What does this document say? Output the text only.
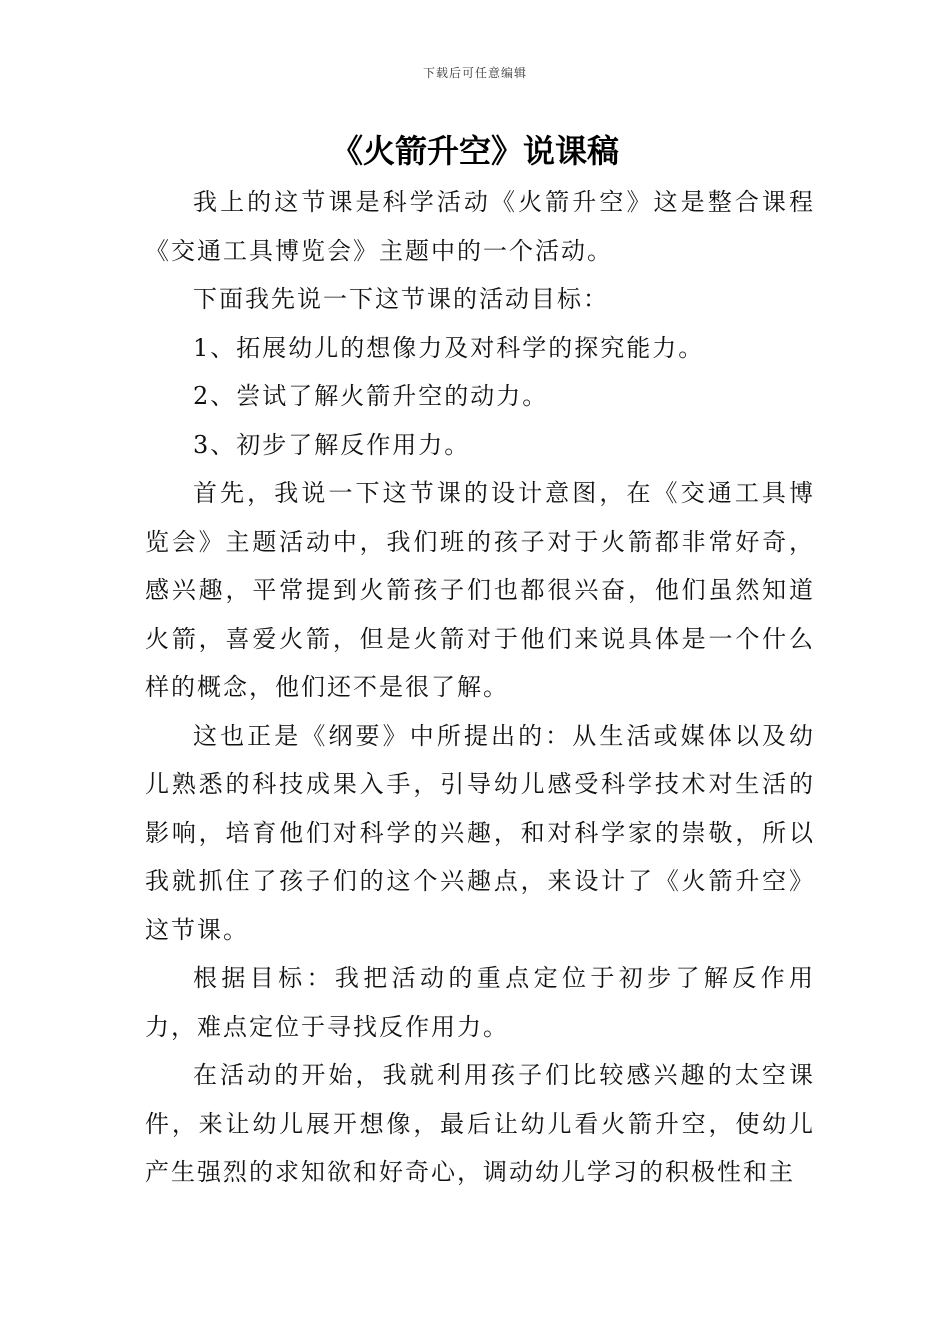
下载后可任意编辑
《火箭升空》说课稿

我上的这节课是科学活动《火箭升空》这是整合课程《交通工具博览会》主题中的一个活动。

下面我先说一下这节课的活动目标：

1、拓展幼儿的想像力及对科学的探究能力。

2、尝试了解火箭升空的动力。

3、初步了解反作用力。

首先，我说一下这节课的设计意图，在《交通工具博览会》主题活动中，我们班的孩子对于火箭都非常好奇，感兴趣，平常提到火箭孩子们也都很兴奋，他们虽然知道火箭，喜爱火箭，但是火箭对于他们来说具体是一个什么样的概念，他们还不是很了解。

这也正是《纲要》中所提出的：从生活或媒体以及幼儿熟悉的科技成果入手，引导幼儿感受科学技术对生活的影响，培育他们对科学的兴趣，和对科学家的崇敬，所以我就抓住了孩子们的这个兴趣点，来设计了《火箭升空》这节课。

根据目标：我把活动的重点定位于初步了解反作用力，难点定位于寻找反作用力。

在活动的开始，我就利用孩子们比较感兴趣的太空课件，来让幼儿展开想像，最后让幼儿看火箭升空，使幼儿产生强烈的求知欲和好奇心，调动幼儿学习的积极性和主
